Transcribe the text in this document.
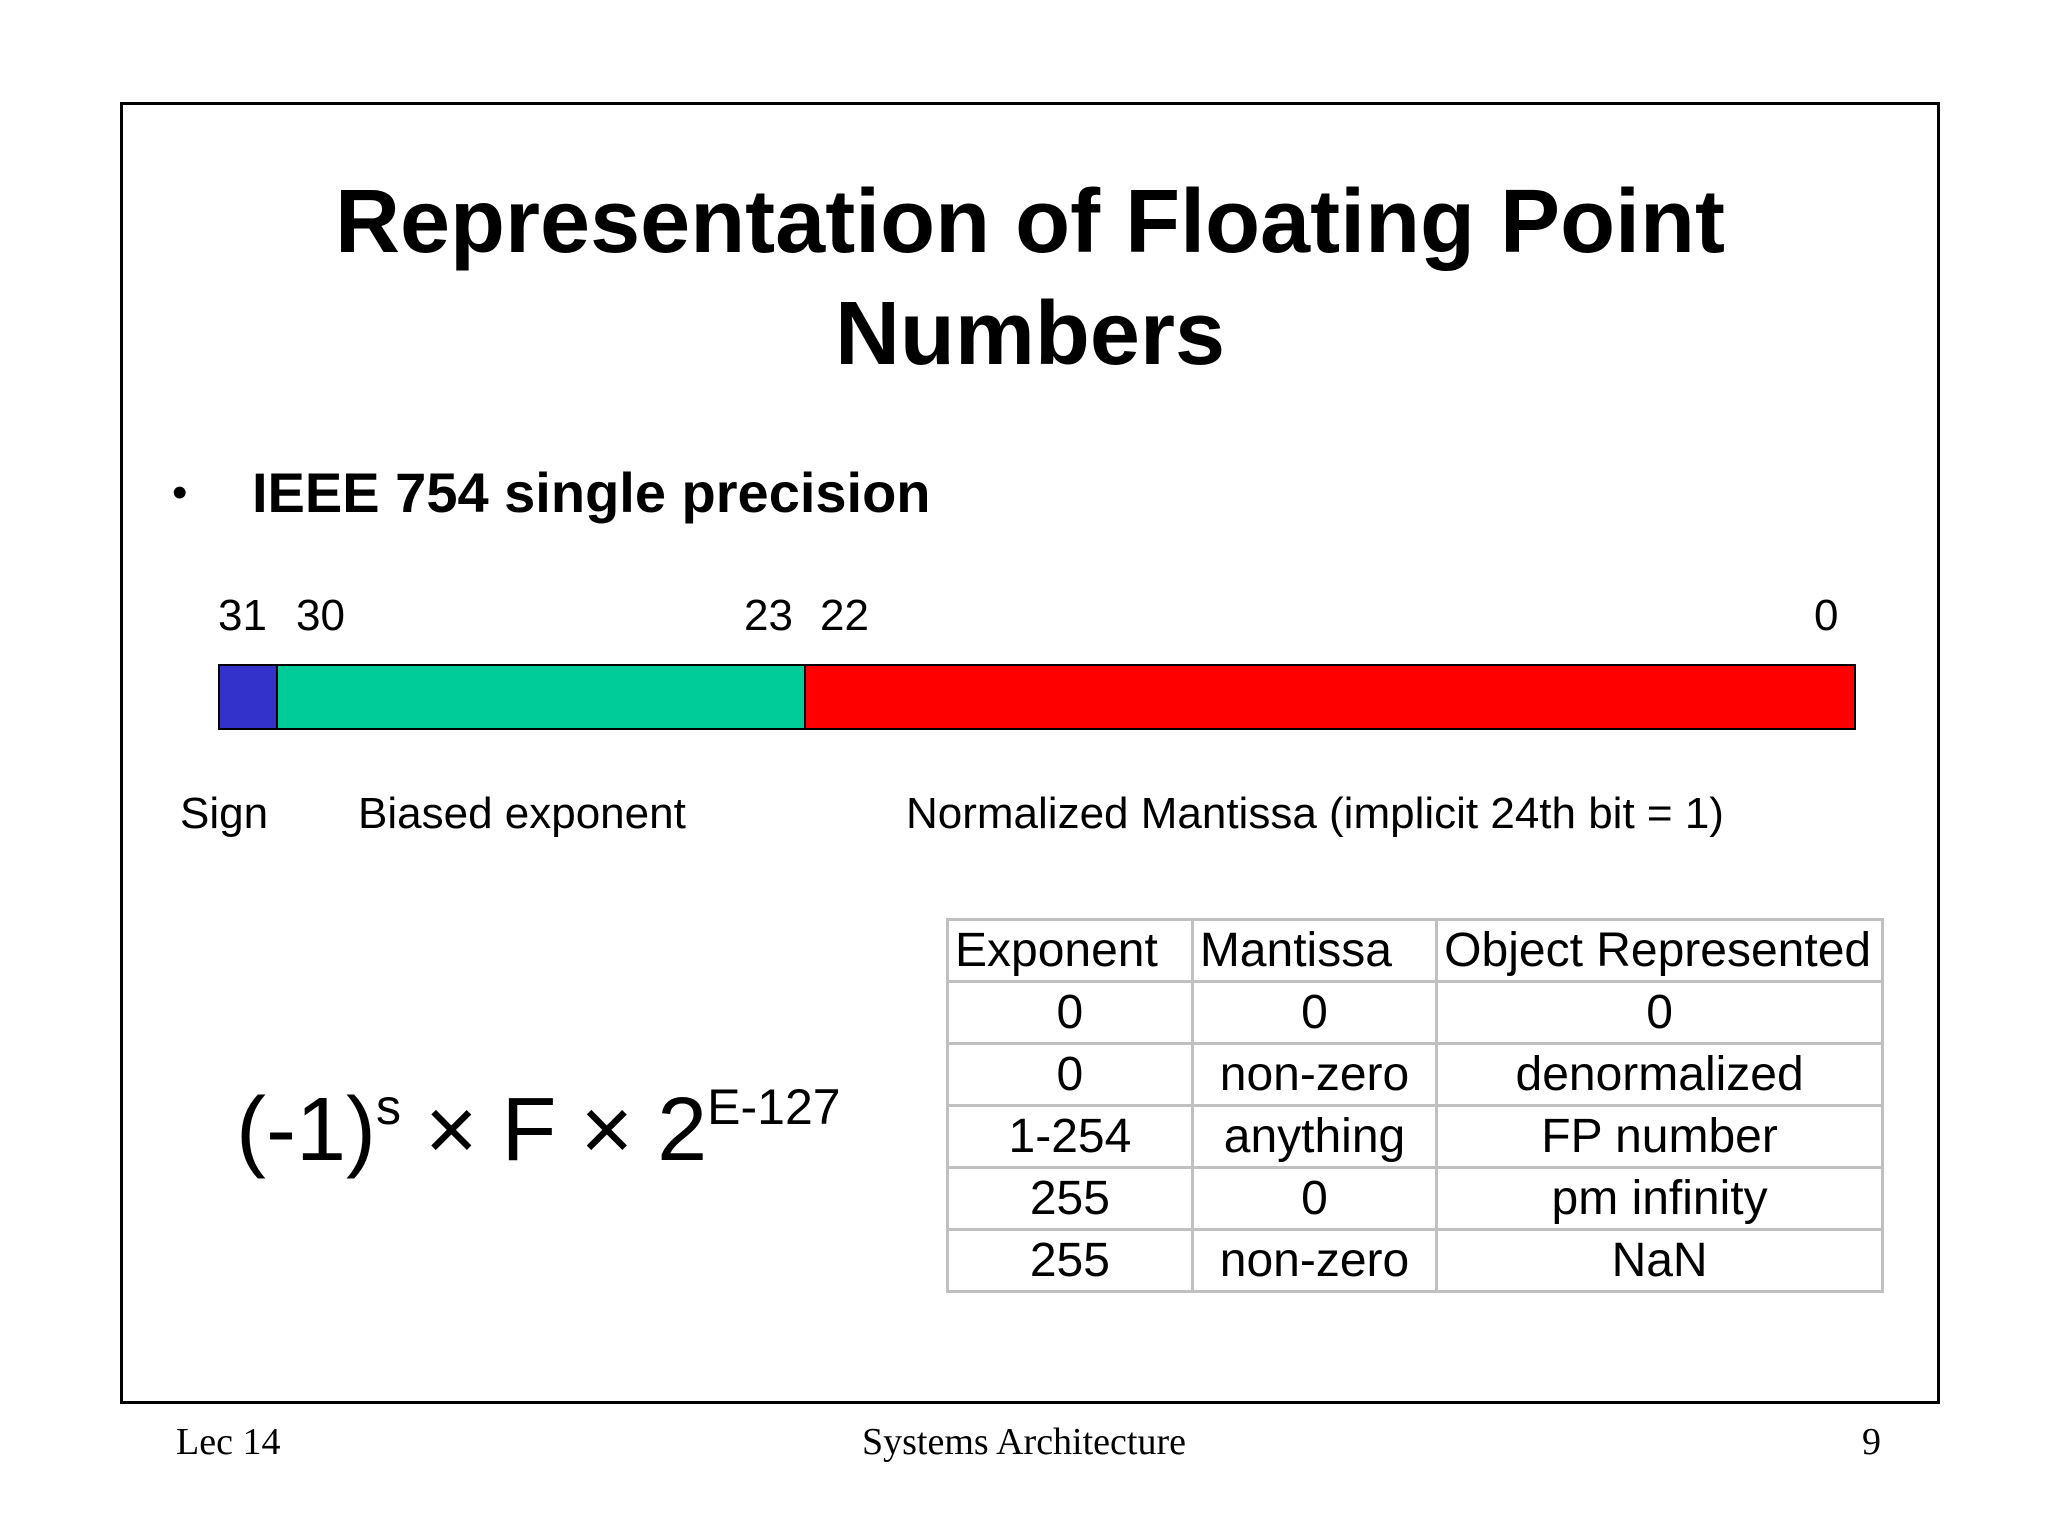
Representation of Floating Point
Numbers
•	IEEE 754 single precision
31 30	23 22	0
Sign Biased exponent	Normalized Mantissa (implicit 24th bit = 1)
$(-1)^s \times F \times 2^{E-127}$
Exponent	Mantissa	Object Represented
0	0	0
0	non-zero	denormalized
1-254	anything	FP number
255	0	pm infinity
255	non-zero	NaN
Lec 14	Systems Architecture	9
